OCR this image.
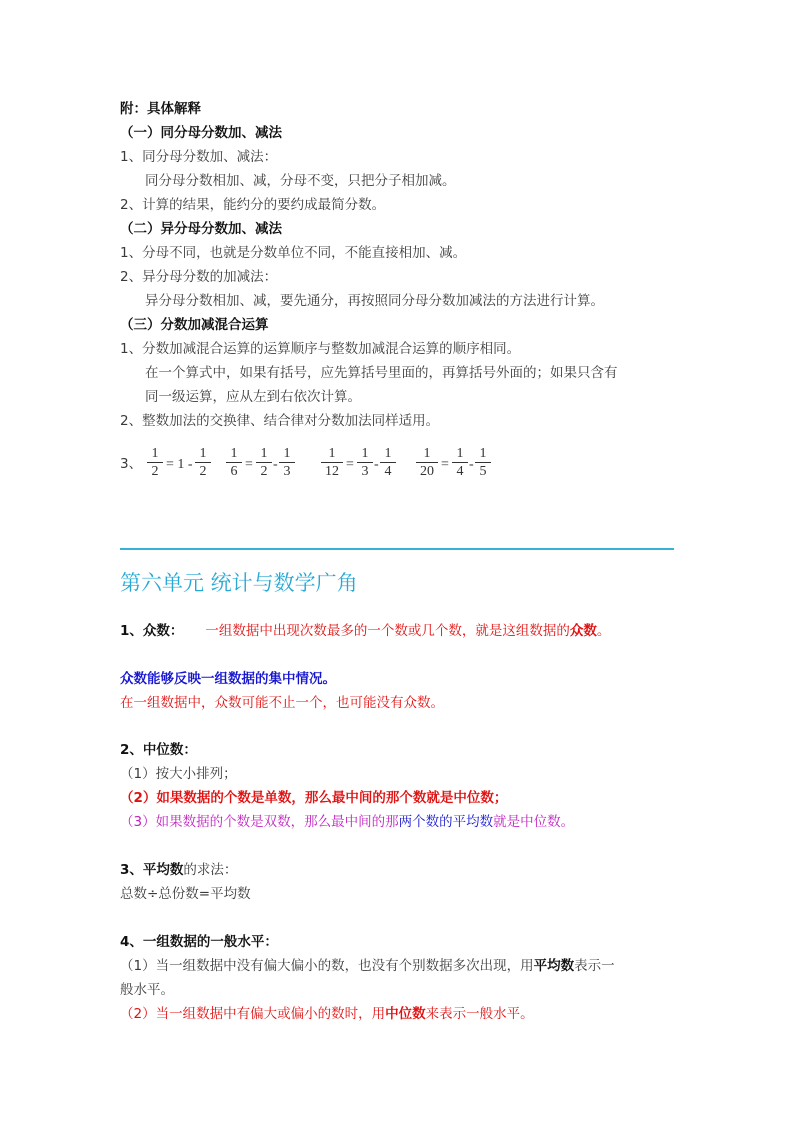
附：具体解释
（一）同分母分数加、减法
1、同分母分数加、减法：
同分母分数相加、减，分母不变，只把分子相加减。
2、计算的结果，能约分的要约成最简分数。
（二）异分母分数加、减法
1、分母不同，也就是分数单位不同，不能直接相加、减。
2、异分母分数的加减法：
异分母分数相加、减，要先通分，再按照同分母分数加减法的方法进行计算。
（三）分数加减混合运算
1、分数加减混合运算的运算顺序与整数加减混合运算的顺序相同。
在一个算式中，如果有括号，应先算括号里面的，再算括号外面的；如果只含有
同一级运算，应从左到右依次计算。
2、整数加法的交换律、结合律对分数加法同样适用。
3、
1
2 = 1 -
1
2
1
6 =
1
2 -
1
3
1
12 =
1
3 -
1
4
1
20 =
1
4 -
1
5
第六单元 统计与数学广角
1、众数： 一组数据中出现次数最多的一个数或几个数，就是这组数据的众数。
众数能够反映一组数据的集中情况。
在一组数据中，众数可能不止一个，也可能没有众数。
2、中位数：
（1）按大小排列；
（2）如果数据的个数是单数，那么最中间的那个数就是中位数；
（3）如果数据的个数是双数，那么最中间的那两个数的平均数就是中位数。
3、平均数的求法：
总数÷总份数=平均数
4、一组数据的一般水平：
（1）当一组数据中没有偏大偏小的数，也没有个别数据多次出现，用平均数表示一
般水平。
（2）当一组数据中有偏大或偏小的数时，用中位数来表示一般水平。
